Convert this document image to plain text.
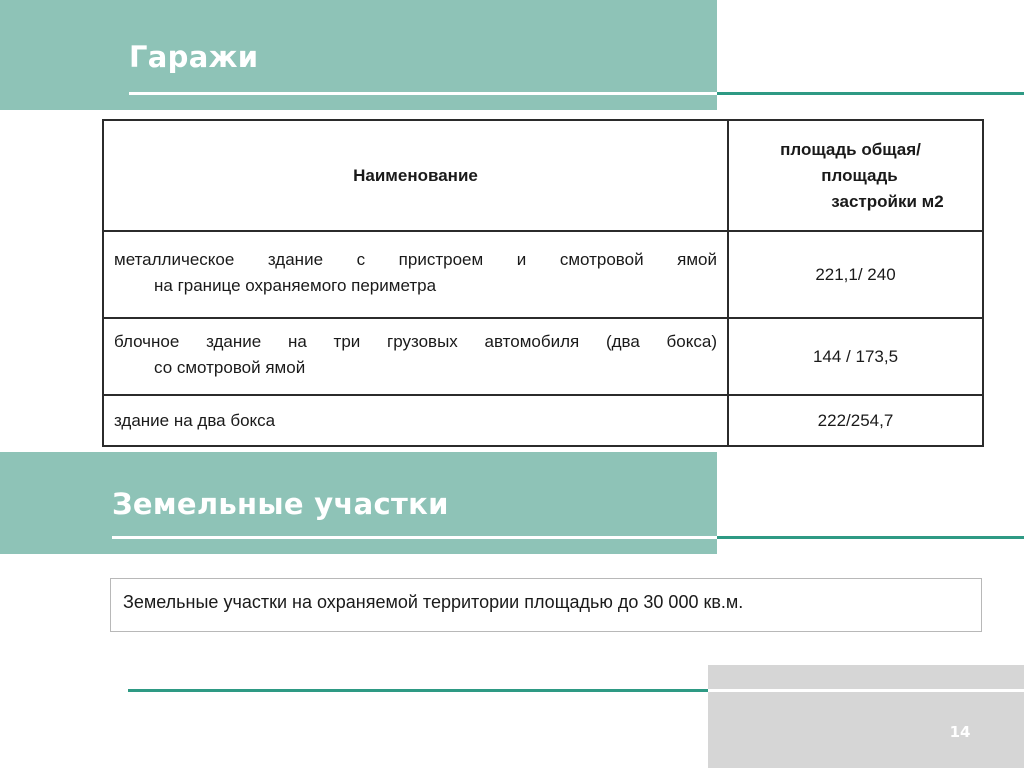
Гаражи
Наименование	площадь общая/
площадь
застройки м2

металлическое здание с пристроем и смотровой ямой
на границе охраняемого периметра	221,1/ 240

блочное здание на три грузовых автомобиля (два бокса)
со смотровой ямой	144 / 173,5
здание на два бокса	222/254,7
Земельные участки
Земельные участки на охраняемой территории площадью до 30 000 кв.м.
14
